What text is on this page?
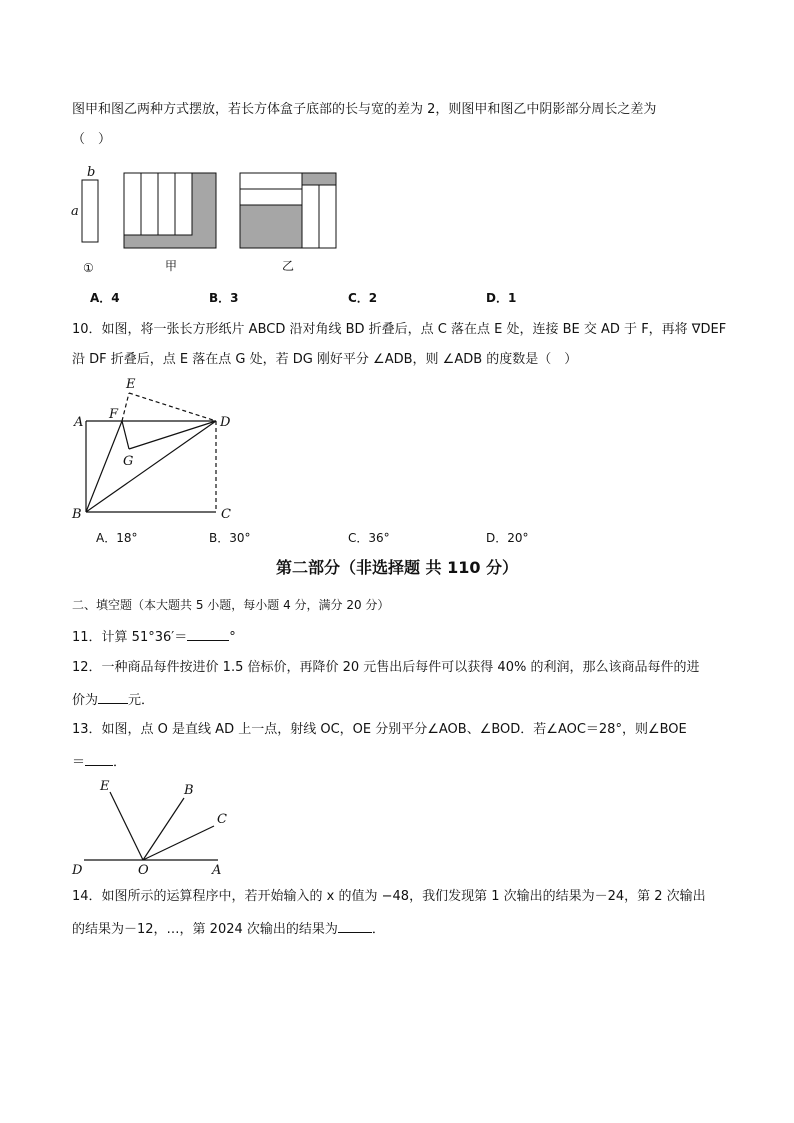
图甲和图乙两种方式摆放，若长方体盒子底部的长与宽的差为 2，则图甲和图乙中阴影部分周长之差为
（　）
b
a
①	甲	乙
A．4	B．3	C．2	D．1
10．如图，将一张长方形纸片 ABCD 沿对角线 BD 折叠后，点 C 落在点 E 处，连接 BE 交 AD 于 F，再将 ∇DEF
沿 DF 折叠后，点 E 落在点 G 处，若 DG 刚好平分 ∠ADB，则 ∠ADB 的度数是（　）
E
F
A	D
G
B	C
A．18°	B．30°	C．36°	D．20°
第二部分（非选择题 共 110 分）
二、填空题（本大题共 5 小题，每小题 4 分，满分 20 分）
11．计算 51°36′＝	°
12．一种商品每件按进价 1.5 倍标价，再降价 20 元售出后每件可以获得 40% 的利润，那么该商品每件的进
价为 元．
13．如图，点 O 是直线 AD 上一点，射线 OC，OE 分别平分∠AOB、∠BOD．若∠AOC＝28°，则∠BOE
＝ ．
E	B
C
D	O	A
14．如图所示的运算程序中，若开始输入的 x 的值为 −48，我们发现第 1 次输出的结果为－24，第 2 次输出
的结果为－12，…，第 2024 次输出的结果为	．
